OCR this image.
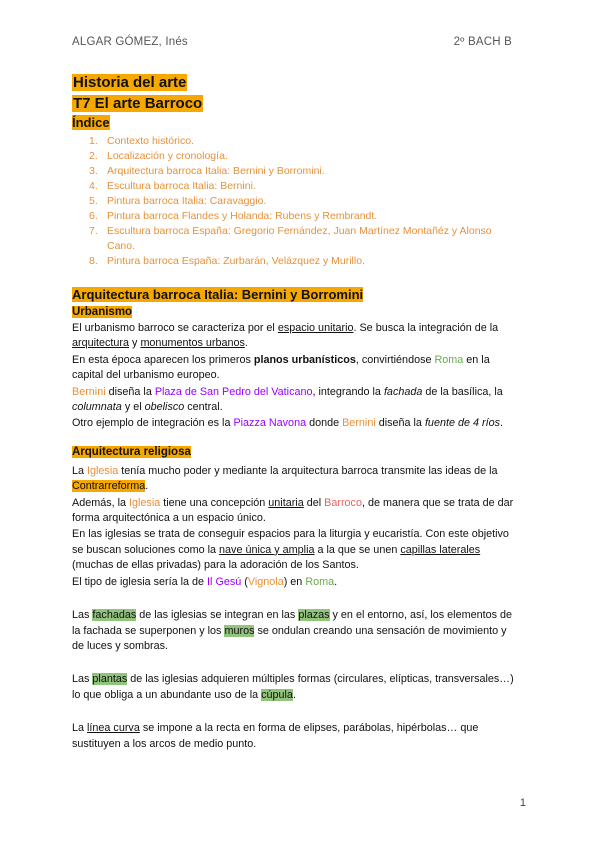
ALGAR GÓMEZ, Inés	2º BACH B
Historia del arte
T7 El arte Barroco
Índice
1. Contexto histórico.
2. Localización y cronología.
3. Arquitectura barroca Italia: Bernini y Borromini.
4. Escultura barroca Italia: Bernini.
5. Pintura barroca Italia: Caravaggio.
6. Pintura barroca Flandes y Holanda: Rubens y Rembrandt.
7. Escultura barroca España: Gregorio Fernández, Juan Martínez Montañéz y Alonso Cano.
8. Pintura barroca España: Zurbarán, Velázquez y Murillo.
Arquitectura barroca Italia: Bernini y Borromini
Urbanismo

El urbanismo barroco se caracteriza por el espacio unitario. Se busca la integración de la arquitectura y monumentos urbanos.

En esta época aparecen los primeros planos urbanísticos, convirtiéndose Roma en la capital del urbanismo europeo.

Bernini diseña la Plaza de San Pedro del Vaticano, integrando la fachada de la basílica, la columnata y el obelisco central.

Otro ejemplo de integración es la Piazza Navona donde Bernini diseña la fuente de 4 ríos.

Arquitectura religiosa

La Iglesia tenía mucho poder y mediante la arquitectura barroca transmite las ideas de la Contrarreforma.

Además, la Iglesia tiene una concepción unitaria del Barroco, de manera que se trata de dar forma arquitectónica a un espacio único.

En las iglesias se trata de conseguir espacios para la liturgia y eucaristía. Con este objetivo se buscan soluciones como la nave única y amplia a la que se unen capillas laterales (muchas de ellas privadas) para la adoración de los Santos.

El tipo de iglesia sería la de Il Gesú (Vignola) en Roma.

Las fachadas de las iglesias se integran en las plazas y en el entorno, así, los elementos de la fachada se superponen y los muros se ondulan creando una sensación de movimiento y de luces y sombras.

Las plantas de las iglesias adquieren múltiples formas (circulares, elípticas, transversales…) lo que obliga a un abundante uso de la cúpula.

La línea curva se impone a la recta en forma de elipses, parábolas, hipérbolas… que sustituyen a los arcos de medio punto.

1
